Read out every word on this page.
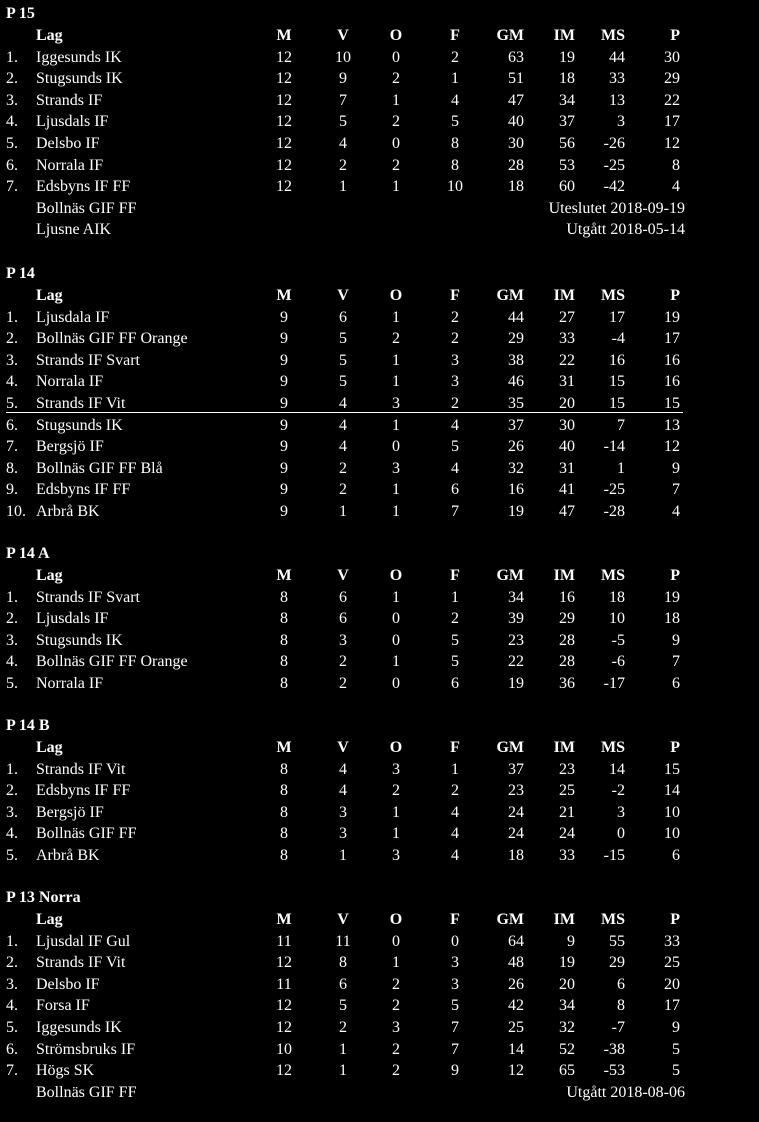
P 15
Lag	M	V	O	F	GM	IM	MS	P
1. Iggesunds IK	12	10	0	2	63	19	44	30
2. Stugsunds IK	12	9	2	1	51	18	33	29
3. Strands IF	12	7	1	4	47	34	13	22
4. Ljusdals IF	12	5	2	5	40	37	3	17
5. Delsbo IF	12	4	0	8	30	56	-26	12
6. Norrala IF	12	2	2	8	28	53	-25	8
7. Edsbyns IF FF	12	1	1	10	18	60	-42	4
Bollnäs GIF FF	Uteslutet 2018-09-19
Ljusne AIK	Utgått 2018-05-14
P 14
Lag	M	V	O	F	GM	IM	MS	P
1. Ljusdala IF	9	6	1	2	44	27	17	19
2. Bollnäs GIF FF Orange	9	5	2	2	29	33	-4	17
3. Strands IF Svart	9	5	1	3	38	22	16	16
4. Norrala IF	9	5	1	3	46	31	15	16
5. Strands IF Vit	9	4	3	2	35	20	15	15
6. Stugsunds IK	9	4	1	4	37	30	7	13
7. Bergsjö IF	9	4	0	5	26	40	-14	12
8. Bollnäs GIF FF Blå	9	2	3	4	32	31	1	9
9. Edsbyns IF FF	9	2	1	6	16	41	-25	7
10. Arbrå BK	9	1	1	7	19	47	-28	4
P 14 A
Lag	M	V	O	F	GM	IM	MS	P
1. Strands IF Svart	8	6	1	1	34	16	18	19
2. Ljusdals IF	8	6	0	2	39	29	10	18
3. Stugsunds IK	8	3	0	5	23	28	-5	9
4. Bollnäs GIF FF Orange	8	2	1	5	22	28	-6	7
5. Norrala IF	8	2	0	6	19	36	-17	6
P 14 B
Lag	M	V	O	F	GM	IM	MS	P
1. Strands IF Vit	8	4	3	1	37	23	14	15
2. Edsbyns IF FF	8	4	2	2	23	25	-2	14
3. Bergsjö IF	8	3	1	4	24	21	3	10
4. Bollnäs GIF FF	8	3	1	4	24	24	0	10
5. Arbrå BK	8	1	3	4	18	33	-15	6
P 13 Norra
Lag	M	V	O	F	GM	IM	MS	P
1. Ljusdal IF Gul	11	11	0	0	64	9	55	33
2. Strands IF Vit	12	8	1	3	48	19	29	25
3. Delsbo IF	11	6	2	3	26	20	6	20
4. Forsa IF	12	5	2	5	42	34	8	17
5. Iggesunds IK	12	2	3	7	25	32	-7	9
6. Strömsbruks IF	10	1	2	7	14	52	-38	5
7. Högs SK	12	1	2	9	12	65	-53	5
Bollnäs GIF FF	Utgått 2018-08-06
